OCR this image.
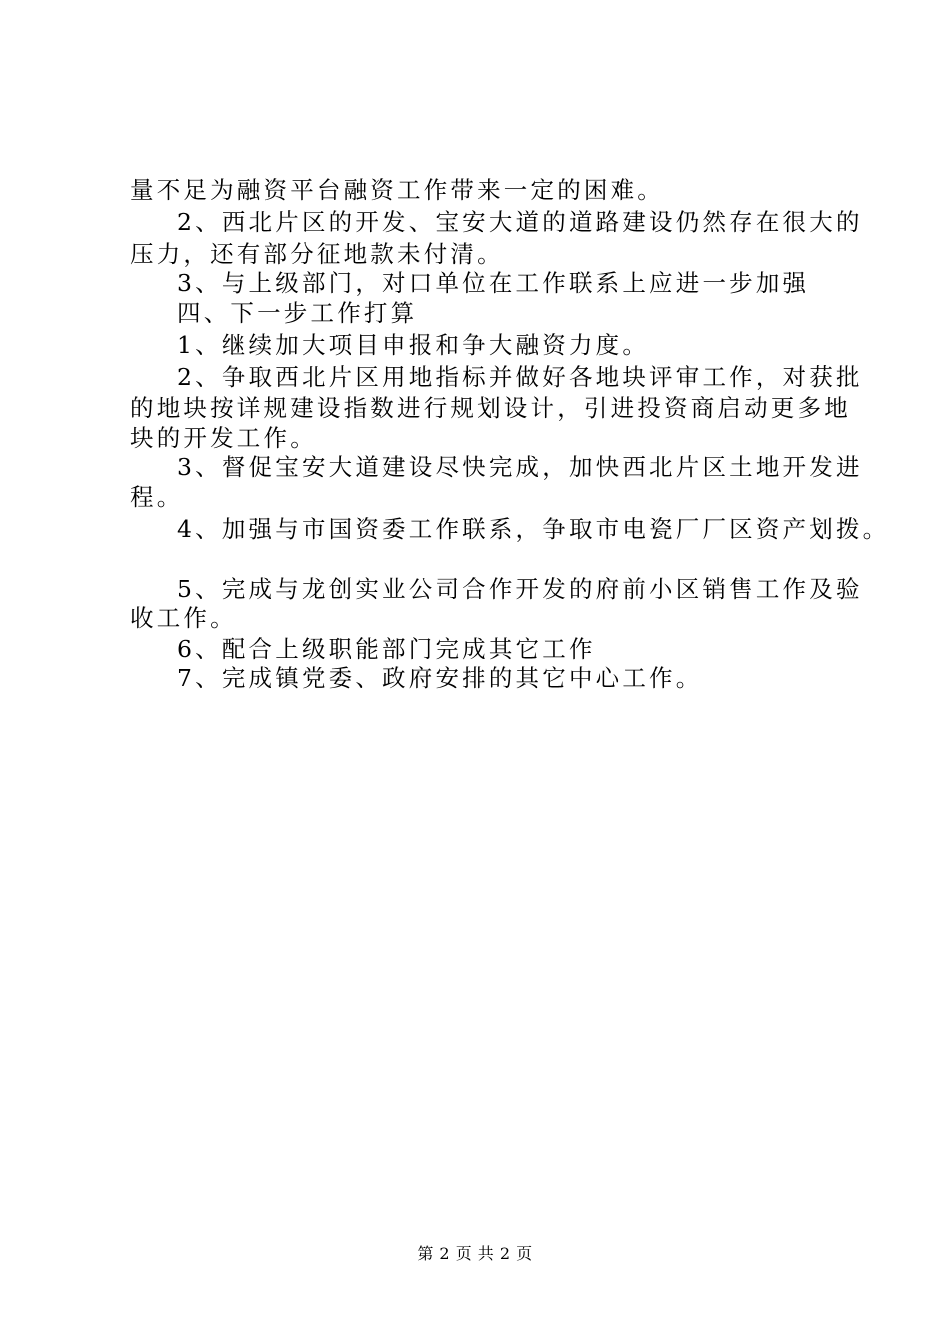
量不足为融资平台融资工作带来一定的困难。
2、西北片区的开发、宝安大道的道路建设仍然存在很大的
压力，还有部分征地款未付清。
3、与上级部门，对口单位在工作联系上应进一步加强
四、下一步工作打算
1、继续加大项目申报和争大融资力度。
2、争取西北片区用地指标并做好各地块评审工作，对获批
的地块按详规建设指数进行规划设计，引进投资商启动更多地
块的开发工作。
3、督促宝安大道建设尽快完成，加快西北片区土地开发进
程。
4、加强与市国资委工作联系，争取市电瓷厂厂区资产划拨。
5、完成与龙创实业公司合作开发的府前小区销售工作及验
收工作。
6、配合上级职能部门完成其它工作
7、完成镇党委、政府安排的其它中心工作。
第 2 页 共 2 页
